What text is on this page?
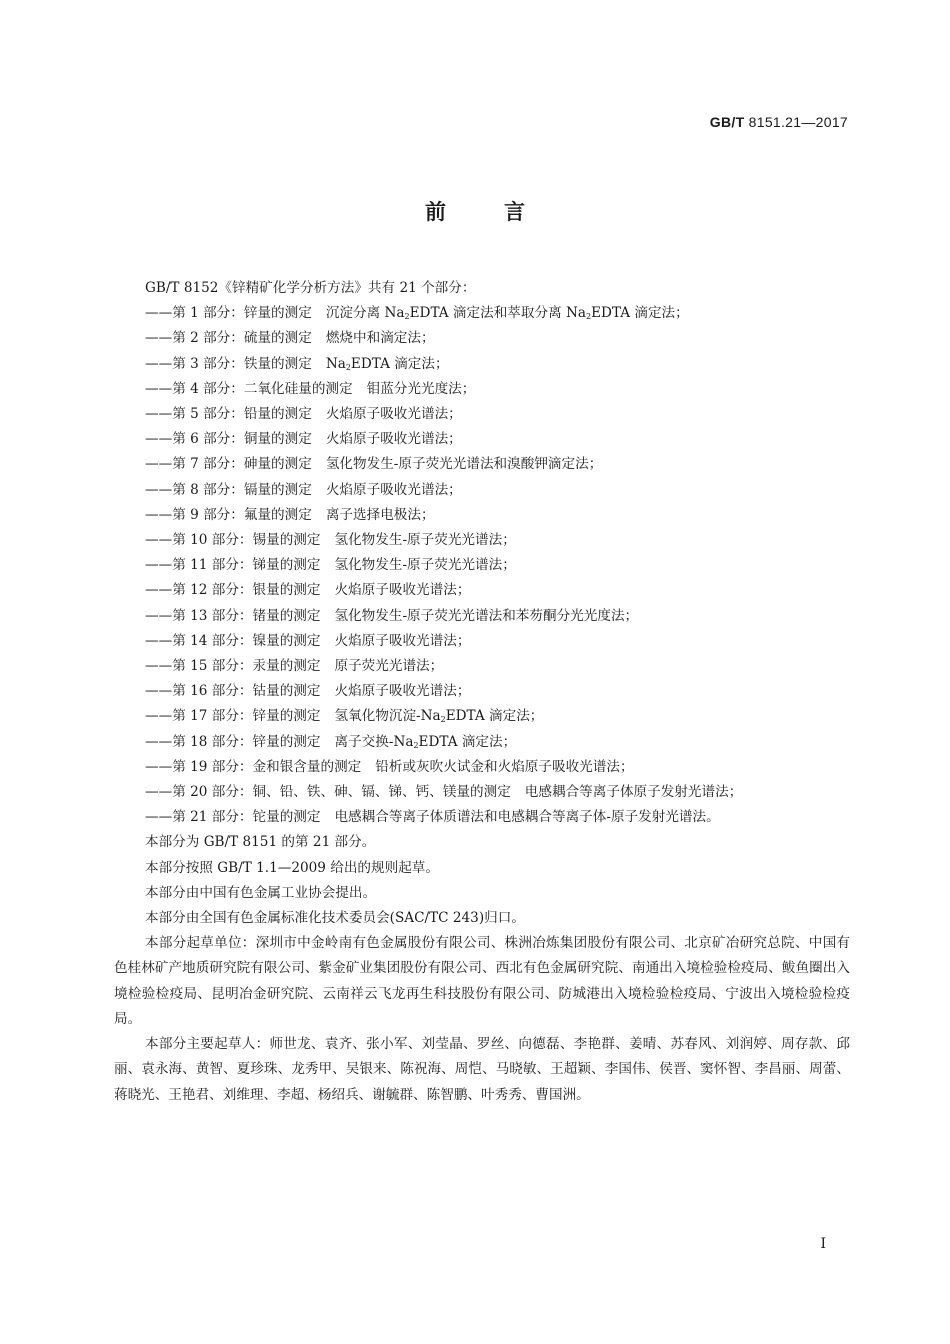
GB/T 8151.21—2017
前言
GB/T 8152《锌精矿化学分析方法》共有 21 个部分：
——第 1 部分：锌量的测定 沉淀分离 $Na_2EDTA$ 滴定法和萃取分离 $Na_2EDTA$ 滴定法；
——第 2 部分：硫量的测定 燃烧中和滴定法；
——第 3 部分：铁量的测定 $Na_2EDTA$ 滴定法；
——第 4 部分：二氧化硅量的测定 钼蓝分光光度法；
——第 5 部分：铅量的测定 火焰原子吸收光谱法；
——第 6 部分：铜量的测定 火焰原子吸收光谱法；
——第 7 部分：砷量的测定 氢化物发生-原子荧光光谱法和溴酸钾滴定法；
——第 8 部分：镉量的测定 火焰原子吸收光谱法；
——第 9 部分：氟量的测定 离子选择电极法；
——第 10 部分：锡量的测定 氢化物发生-原子荧光光谱法；
——第 11 部分：锑量的测定 氢化物发生-原子荧光光谱法；
——第 12 部分：银量的测定 火焰原子吸收光谱法；
——第 13 部分：锗量的测定 氢化物发生-原子荧光光谱法和苯芴酮分光光度法；
——第 14 部分：镍量的测定 火焰原子吸收光谱法；
——第 15 部分：汞量的测定 原子荧光光谱法；
——第 16 部分：钴量的测定 火焰原子吸收光谱法；
——第 17 部分：锌量的测定 氢氧化物沉淀$-Na_2EDTA$ 滴定法；
——第 18 部分：锌量的测定 离子交换$-Na_2EDTA$ 滴定法；
——第 19 部分：金和银含量的测定 铅析或灰吹火试金和火焰原子吸收光谱法；
——第 20 部分：铜、铅、铁、砷、镉、锑、钙、镁量的测定 电感耦合等离子体原子发射光谱法；
——第 21 部分：铊量的测定 电感耦合等离子体质谱法和电感耦合等离子体-原子发射光谱法。
本部分为 GB/T 8151 的第 21 部分。
本部分按照 GB/T 1.1—2009 给出的规则起草。
本部分由中国有色金属工业协会提出。
本部分由全国有色金属标准化技术委员会(SAC/TC 243)归口。
本部分起草单位：深圳市中金岭南有色金属股份有限公司、株洲冶炼集团股份有限公司、北京矿冶研究总院、中国有色桂林矿产地质研究院有限公司、紫金矿业集团股份有限公司、西北有色金属研究院、南通出入境检验检疫局、鲅鱼圈出入境检验检疫局、昆明冶金研究院、云南祥云飞龙再生科技股份有限公司、防城港出入境检验检疫局、宁波出入境检验检疫局。
本部分主要起草人：师世龙、袁齐、张小军、刘莹晶、罗丝、向德磊、李艳群、姜晴、苏春风、刘润婷、周存款、邱丽、袁永海、黄智、夏珍珠、龙秀甲、吴银来、陈祝海、周恺、马晓敏、王超颖、李国伟、侯晋、窦怀智、李昌丽、周蕾、蒋晓光、王艳君、刘维理、李超、杨绍兵、谢毓群、陈智鹏、叶秀秀、曹国洲。
I
